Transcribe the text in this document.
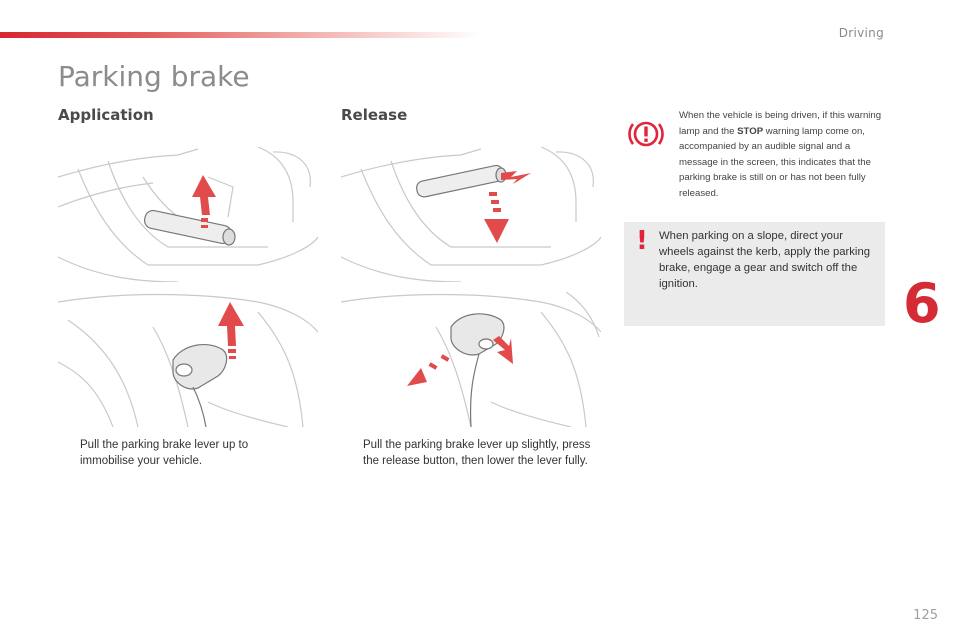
Driving
Parking brake
Application	Release
Pull the parking brake lever up to immobilise your vehicle.
Pull the parking brake lever up slightly, press the release button, then lower the lever fully.
When the vehicle is being driven, if this warning lamp and the STOP warning lamp come on, accompanied by an audible signal and a message in the screen, this indicates that the parking brake is still on or has not been fully released.
! When parking on a slope, direct your wheels against the kerb, apply the parking brake, engage a gear and switch off the ignition.	6
125
